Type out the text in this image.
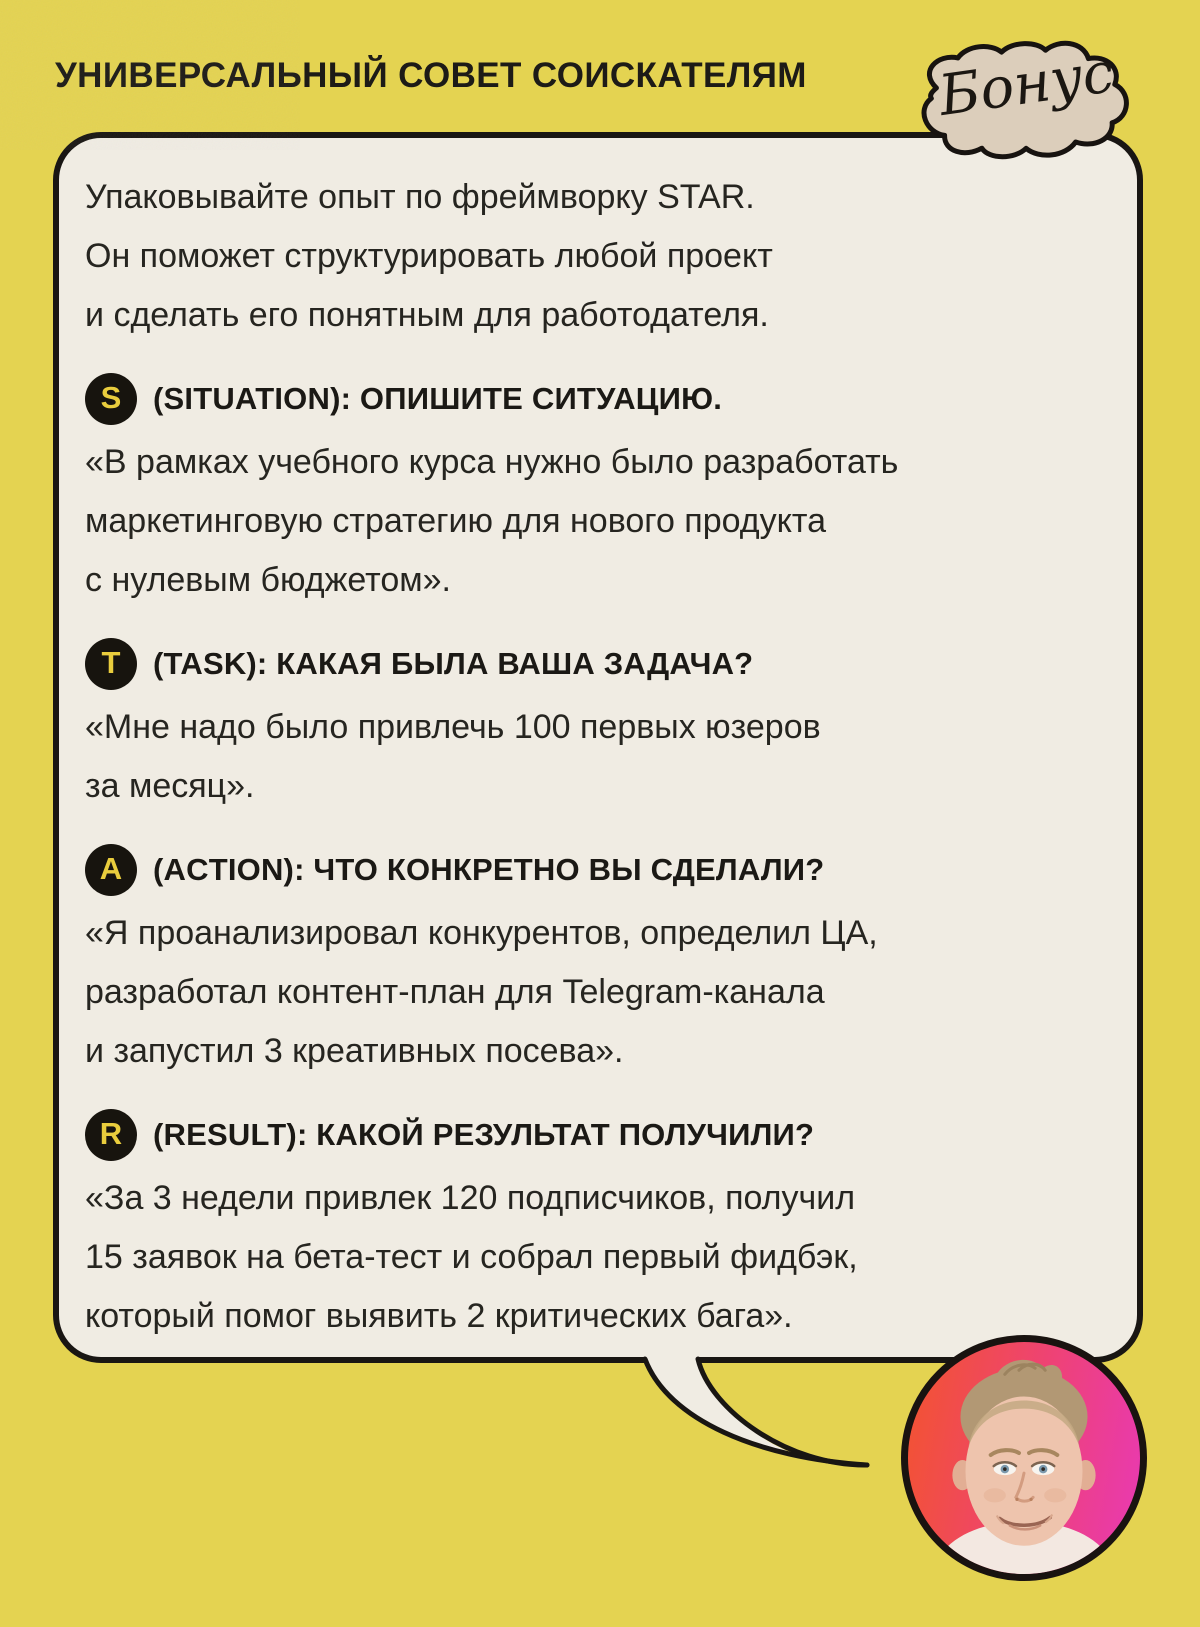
УНИВЕРСАЛЬНЫЙ СОВЕТ СОИСКАТЕЛЯМ	Бонус
Упаковывайте опыт по фреймворку STAR.
Он поможет структурировать любой проект
и сделать его понятным для работодателя.
S	(SITUATION): ОПИШИТЕ СИТУАЦИЮ.
«В рамках учебного курса нужно было разработать
маркетинговую стратегию для нового продукта
с нулевым бюджетом».
T	(TASK): КАКАЯ БЫЛА ВАША ЗАДАЧА?
«Мне надо было привлечь 100 первых юзеров
за месяц».
A (ACTION): ЧТО КОНКРЕТНО ВЫ СДЕЛАЛИ?
«Я проанализировал конкурентов, определил ЦА,
разработал контент-план для Telegram-канала
и запустил 3 креативных посева».
R (RESULT): КАКОЙ РЕЗУЛЬТАТ ПОЛУЧИЛИ?
«За 3 недели привлек 120 подписчиков, получил
15 заявок на бета-тест и собрал первый фидбэк,
который помог выявить 2 критических бага».
